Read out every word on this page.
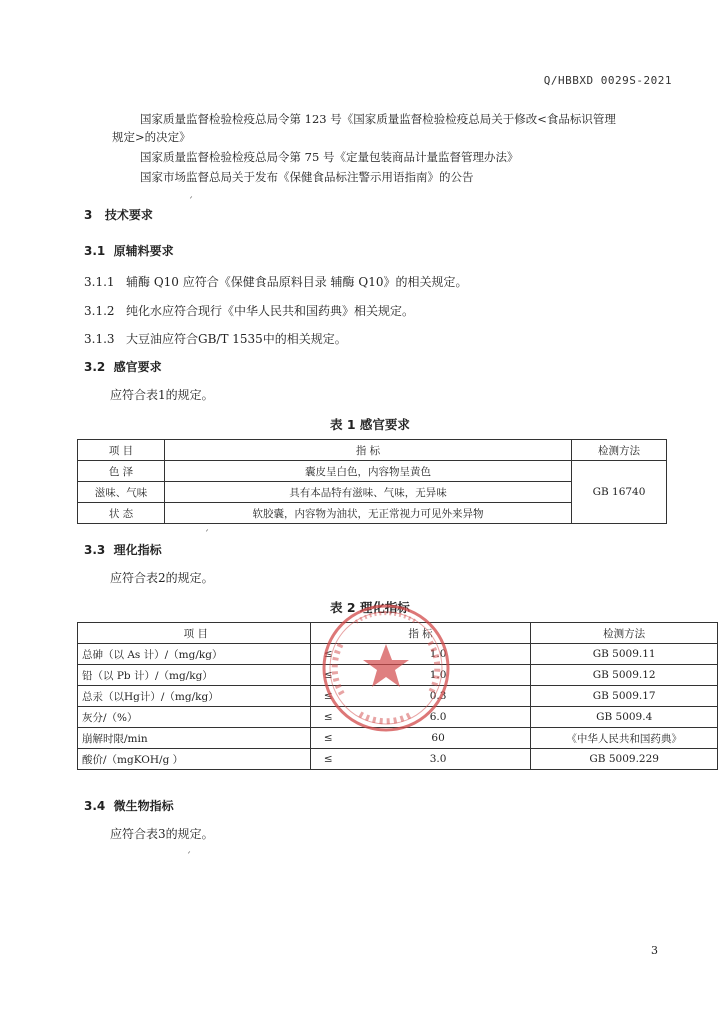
Q/HBBXD 0029S-2021
国家质量监督检验检疫总局令第 123 号《国家质量监督检验检疫总局关于修改<食品标识管理
规定>的决定》
国家质量监督检验检疫总局令第 75 号《定量包装商品计量监督管理办法》
国家市场监督总局关于发布《保健食品标注警示用语指南》的公告
3 技术要求
ˊ
3.1 原辅料要求
3.1.1 辅酶 Q10 应符合《保健食品原料目录 辅酶 Q10》的相关规定。
3.1.2 纯化水应符合现行《中华人民共和国药典》相关规定。
3.1.3 大豆油应符合GB/T 1535中的相关规定。
3.2 感官要求
应符合表1的规定。
表 1 感官要求
项 目	指 标	检测方法
色 泽	囊皮呈白色，内容物呈黄色	GB 16740
滋味、气味	具有本品特有滋味、气味，无异味	
状 态	软胶囊，内容物为油状，无正常视力可见外来异物	
ˊ
3.3 理化指标
应符合表2的规定。
表 2 理化指标
项 目	指 标		检测方法
总砷（以 As 计）/（mg/kg）	≤	1.0	GB 5009.11
铅（以 Pb 计）/（mg/kg）	≤	1.0	GB 5009.12
总汞（以Hg计）/（mg/kg）	≤	0.3	GB 5009.17
灰分/（%）	≤	6.0	GB 5009.4
崩解时限/min	≤	60	《中华人民共和国药典》
酸价/（mgKOH/g ）	≤	3.0	GB 5009.229
3.4 微生物指标
应符合表3的规定。
ˊ
3
